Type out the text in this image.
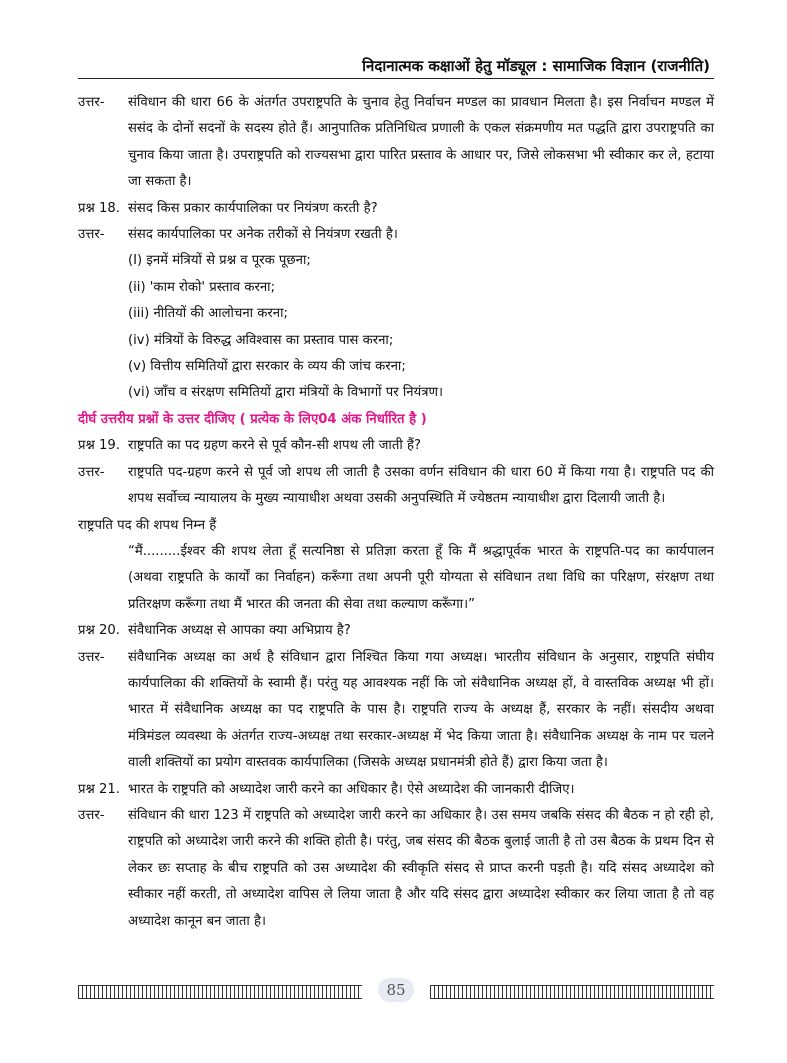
निदानात्मक कक्षाओं हेतु मॉड्यूल : सामाजिक विज्ञान (राजनीति)
उत्तर-	संविधान की धारा 66 के अंतर्गत उपराष्ट्रपति के चुनाव हेतु निर्वाचन मण्डल का प्रावधान मिलता है। इस निर्वाचन मण्डल में ससंद के दोनों सदनों के सदस्य होते हैं। आनुपातिक प्रतिनिधित्व प्रणाली के एकल संक्रमणीय मत पद्धति द्वारा उपराष्ट्रपति का चुनाव किया जाता है। उपराष्ट्रपति को राज्यसभा द्वारा पारित प्रस्ताव के आधार पर, जिसे लोकसभा भी स्वीकार कर ले, हटाया जा सकता है।
प्रश्न 18. संसद किस प्रकार कार्यपालिका पर नियंत्रण करती है?
उत्तर-	संसद कार्यपालिका पर अनेक तरीकों से नियंत्रण रखती है।
(I) इनमें मंत्रियों से प्रश्न व पूरक पूछना;
(ii) 'काम रोको' प्रस्ताव करना;
(iii) नीतियों की आलोचना करना;
(iv) मंत्रियों के विरुद्ध अविश्वास का प्रस्ताव पास करना;
(v) वित्तीय समितियों द्वारा सरकार के व्यय की जांच करना;
(vi) जाँच व संरक्षण समितियों द्वारा मंत्रियों के विभागों पर नियंत्रण।
दीर्घ उत्तरीय प्रश्नों के उत्तर दीजिए ( प्रत्येक के लिए04 अंक निर्धारित है )
प्रश्न 19. राष्ट्रपति का पद ग्रहण करने से पूर्व कौन-सी शपथ ली जाती हैं?
उत्तर-	राष्ट्रपति पद-ग्रहण करने से पूर्व जो शपथ ली जाती है उसका वर्णन संविधान की धारा 60 में किया गया है। राष्ट्रपति पद की शपथ सर्वोच्च न्यायालय के मुख्य न्यायाधीश अथवा उसकी अनुपस्थिति में ज्येष्ठतम न्यायाधीश द्वारा दिलायी जाती है।
राष्ट्रपति पद की शपथ निम्न हैं
“मैं.........ईश्वर की शपथ लेता हूँ सत्यनिष्ठा से प्रतिज्ञा करता हूँ कि मैं श्रद्धापूर्वक भारत के राष्ट्रपति-पद का कार्यपालन (अथवा राष्ट्रपति के कार्यों का निर्वाहन) करूँगा तथा अपनी पूरी योग्यता से संविधान तथा विधि का परिक्षण, संरक्षण तथा प्रतिरक्षण करूँगा तथा मैं भारत की जनता की सेवा तथा कल्याण करूँगा।”
प्रश्न 20. संवैधानिक अध्यक्ष से आपका क्या अभिप्राय है?
उत्तर-	संवैधानिक अध्यक्ष का अर्थ है संविधान द्वारा निश्चित किया गया अध्यक्ष। भारतीय संविधान के अनुसार, राष्ट्रपति संघीय कार्यपालिका की शक्तियों के स्वामी हैं। परंतु यह आवश्यक नहीं कि जो संवैधानिक अध्यक्ष हों, वे वास्तविक अध्यक्ष भी हों। भारत में संवैधानिक अध्यक्ष का पद राष्ट्रपति के पास है। राष्ट्रपति राज्य के अध्यक्ष हैं, सरकार के नहीं। संसदीय अथवा मंत्रिमंडल व्यवस्था के अंतर्गत राज्य-अध्यक्ष तथा सरकार-अध्यक्ष में भेद किया जाता है। संवैधानिक अध्यक्ष के नाम पर चलने वाली शक्तियों का प्रयोग वास्तवक कार्यपालिका (जिसके अध्यक्ष प्रधानमंत्री होते हैं) द्वारा किया जता है।
प्रश्न 21. भारत के राष्ट्रपति को अध्यादेश जारी करने का अधिकार है। ऐसे अध्यादेश की जानकारी दीजिए।
उत्तर-	संविधान की धारा 123 में राष्ट्रपति को अध्यादेश जारी करने का अधिकार है। उस समय जबकि संसद की बैठक न हो रही हो, राष्ट्रपति को अध्यादेश जारी करने की शक्ति होती है। परंतु, जब संसद की बैठक बुलाई जाती है तो उस बैठक के प्रथम दिन से लेकर छः सप्ताह के बीच राष्ट्रपति को उस अध्यादेश की स्वीकृति संसद से प्राप्त करनी पड़ती है। यदि संसद अध्यादेश को स्वीकार नहीं करती, तो अध्यादेश वापिस ले लिया जाता है और यदि संसद द्वारा अध्यादेश स्वीकार कर लिया जाता है तो वह अध्यादेश कानून बन जाता है।
85
